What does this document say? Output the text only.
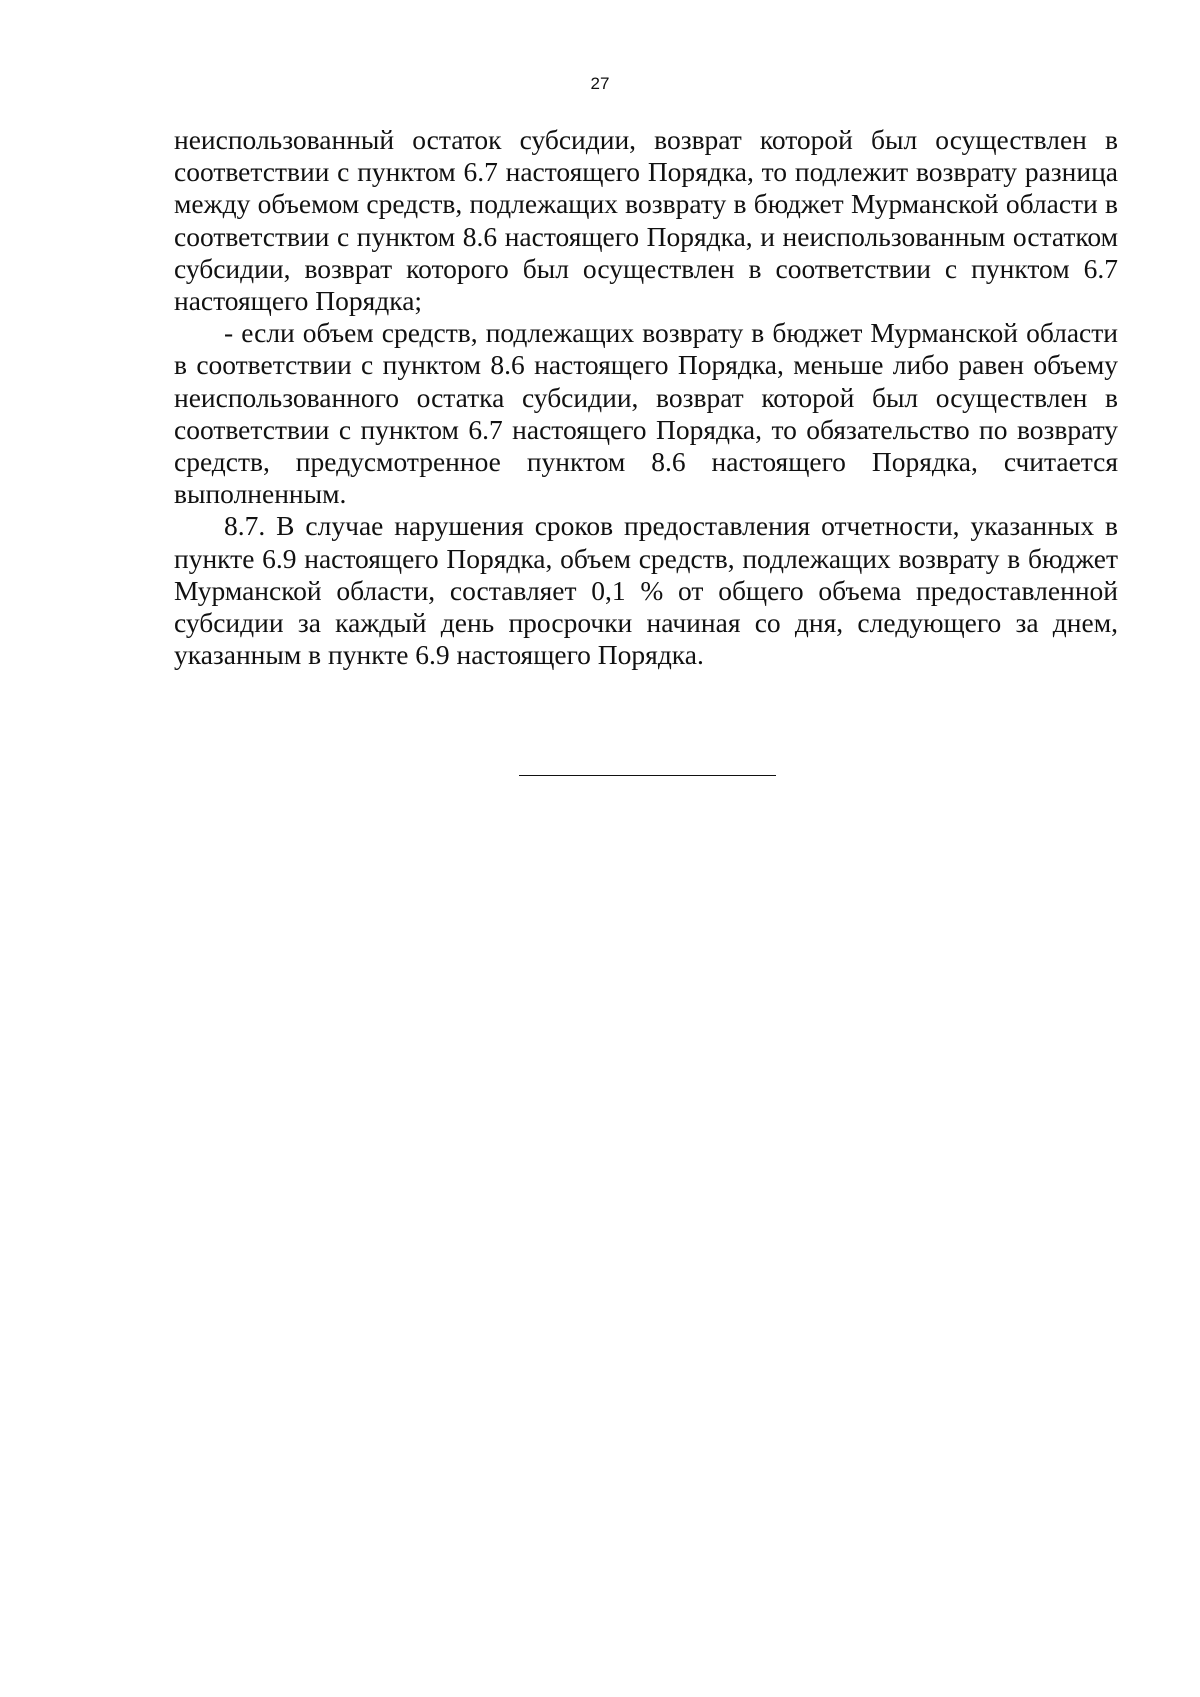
27

неиспользованный остаток субсидии, возврат которой был осуществлен в соответствии с пунктом 6.7 настоящего Порядка, то подлежит возврату разница между объемом средств, подлежащих возврату в бюджет Мурманской области в соответствии с пунктом 8.6 настоящего Порядка, и неиспользованным остатком субсидии, возврат которого был осуществлен в соответствии с пунктом 6.7 настоящего Порядка;

- если объем средств, подлежащих возврату в бюджет Мурманской области в соответствии с пунктом 8.6 настоящего Порядка, меньше либо равен объему неиспользованного остатка субсидии, возврат которой был осуществлен в соответствии с пунктом 6.7 настоящего Порядка, то обязательство по возврату средств, предусмотренное пунктом 8.6 настоящего Порядка, считается выполненным.

8.7. В случае нарушения сроков предоставления отчетности, указанных в пункте 6.9 настоящего Порядка, объем средств, подлежащих возврату в бюджет Мурманской области, составляет 0,1 % от общего объема предоставленной субсидии за каждый день просрочки начиная со дня, следующего за днем, указанным в пункте 6.9 настоящего Порядка.
